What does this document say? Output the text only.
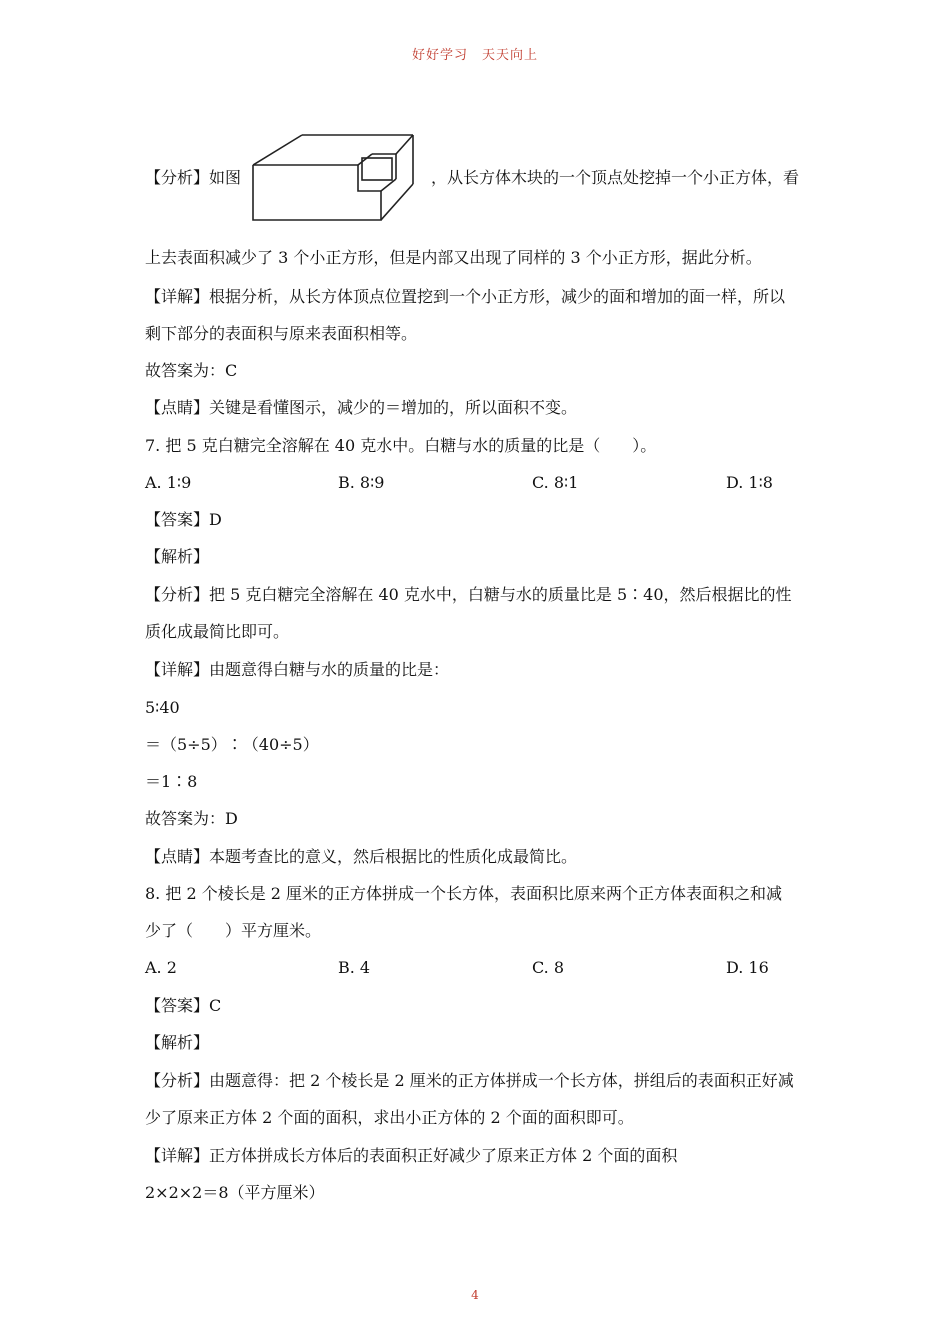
好好学习　天天向上
【分析】如图	，从长方体木块的一个顶点处挖掉一个小正方体，看
上去表面积减少了 3 个小正方形，但是内部又出现了同样的 3 个小正方形，据此分析。
【详解】根据分析，从长方体顶点位置挖到一个小正方形，减少的面和增加的面一样，所以
剩下部分的表面积与原来表面积相等。
故答案为：C
【点睛】关键是看懂图示，减少的＝增加的，所以面积不变。
7. 把 5 克白糖完全溶解在 40 克水中。白糖与水的质量的比是（　　）。
A. 1∶9	B. 8∶9	C. 8∶1	D. 1∶8
【答案】D
【解析】
【分析】把 5 克白糖完全溶解在 40 克水中，白糖与水的质量比是 5∶40，然后根据比的性
质化成最简比即可。
【详解】由题意得白糖与水的质量的比是：
5∶40
＝（5÷5）∶（40÷5）
＝1∶8
故答案为：D
【点睛】本题考查比的意义，然后根据比的性质化成最简比。
8. 把 2 个棱长是 2 厘米的正方体拼成一个长方体，表面积比原来两个正方体表面积之和减
少了（　　）平方厘米。
A. 2	B. 4	C. 8	D. 16
【答案】C
【解析】
【分析】由题意得：把 2 个棱长是 2 厘米的正方体拼成一个长方体，拼组后的表面积正好减
少了原来正方体 2 个面的面积，求出小正方体的 2 个面的面积即可。
【详解】正方体拼成长方体后的表面积正好减少了原来正方体 2 个面的面积
2×2×2＝8（平方厘米）
4
